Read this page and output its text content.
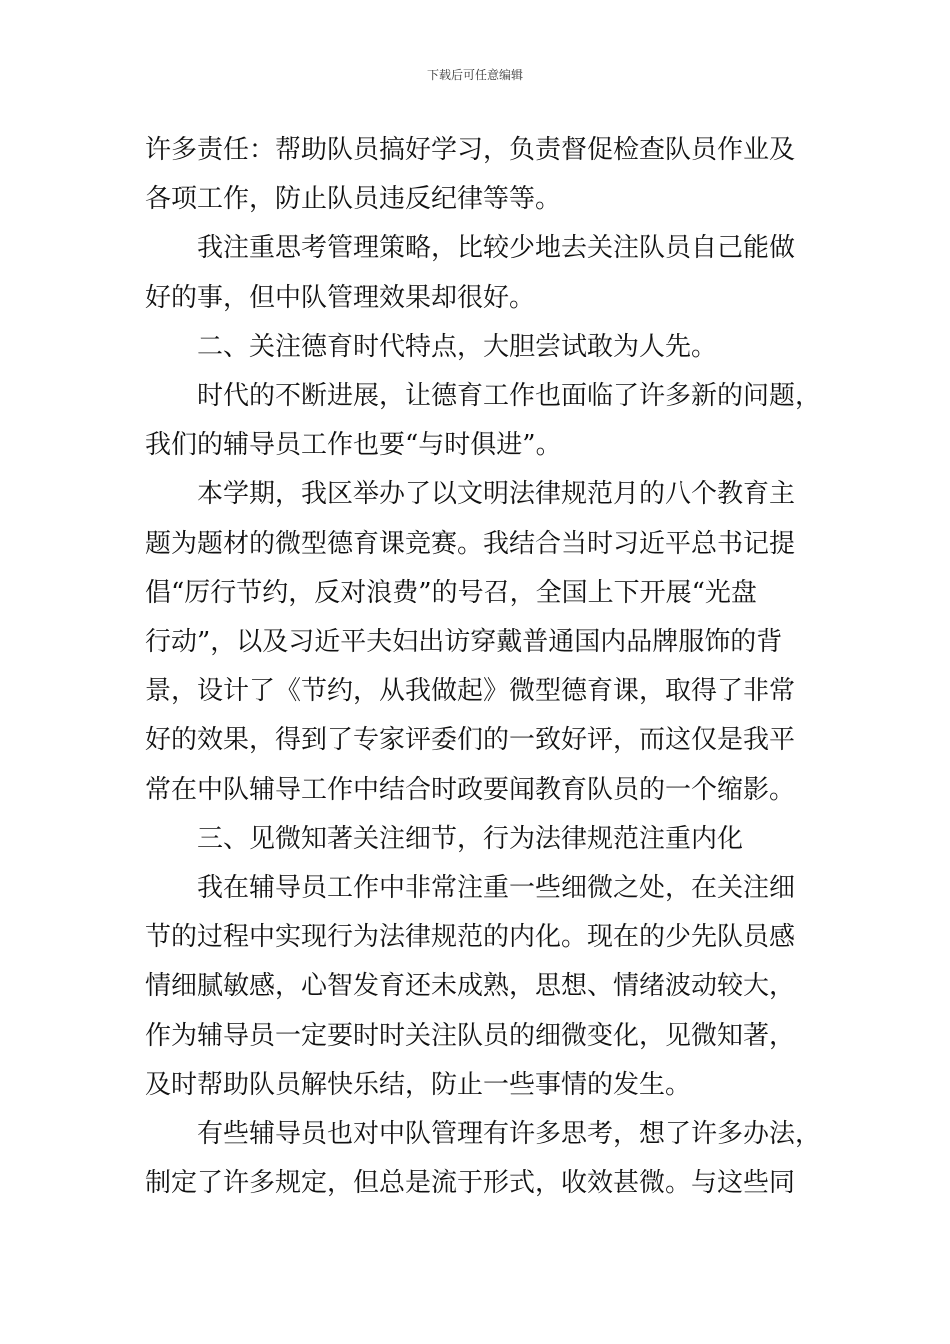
下载后可任意编辑

许多责任：帮助队员搞好学习，负责督促检查队员作业及
各项工作，防止队员违反纪律等等。

我注重思考管理策略，比较少地去关注队员自己能做
好的事，但中队管理效果却很好。

二、关注德育时代特点，大胆尝试敢为人先。

时代的不断进展，让德育工作也面临了许多新的问题，
我们的辅导员工作也要“与时俱进”。

本学期，我区举办了以文明法律规范月的八个教育主
题为题材的微型德育课竞赛。我结合当时习近平总书记提
倡“厉行节约，反对浪费”的号召，全国上下开展“光盘
行动”，以及习近平夫妇出访穿戴普通国内品牌服饰的背
景，设计了《节约，从我做起》微型德育课，取得了非常
好的效果，得到了专家评委们的一致好评，而这仅是我平
常在中队辅导工作中结合时政要闻教育队员的一个缩影。

三、见微知著关注细节，行为法律规范注重内化

我在辅导员工作中非常注重一些细微之处，在关注细
节的过程中实现行为法律规范的内化。现在的少先队员感
情细腻敏感，心智发育还未成熟，思想、情绪波动较大，
作为辅导员一定要时时关注队员的细微变化，见微知著，
及时帮助队员解快乐结，防止一些事情的发生。

有些辅导员也对中队管理有许多思考，想了许多办法，
制定了许多规定，但总是流于形式，收效甚微。与这些同
